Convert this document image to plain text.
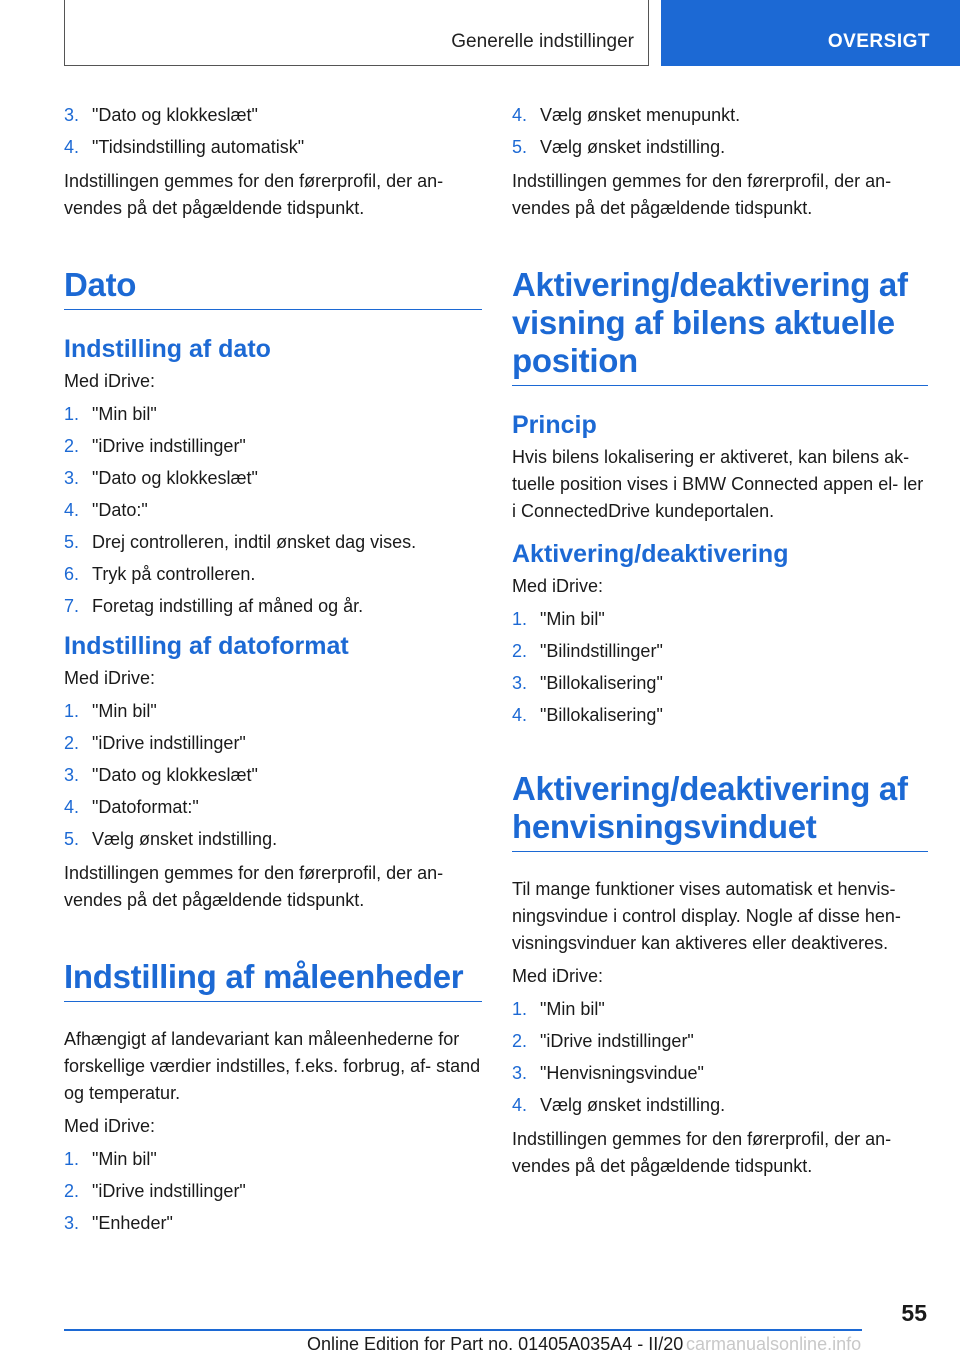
Generelle indstillinger	OVERSIGT
3. "Dato og klokkeslæt"
4. "Tidsindstilling automatisk"

Indstillingen gemmes for den førerprofil, der an- vendes på det pågældende tidspunkt.

Dato
Indstilling af dato

Med iDrive:

1. "Min bil"
2. "iDrive indstillinger"
3. "Dato og klokkeslæt"
4. "Dato:"
5. Drej controlleren, indtil ønsket dag vises.
6. Tryk på controlleren.
7. Foretag indstilling af måned og år.
Indstilling af datoformat

Med iDrive:

1. "Min bil"
2. "iDrive indstillinger"
3. "Dato og klokkeslæt"
4. "Datoformat:"
5. Vælg ønsket indstilling.

Indstillingen gemmes for den førerprofil, der an- vendes på det pågældende tidspunkt.

Indstilling af måleenheder

Afhængigt af landevariant kan måleenhederne for forskellige værdier indstilles, f.eks. forbrug, af- stand og temperatur.

Med iDrive:

1. "Min bil"
2. "iDrive indstillinger"
3. "Enheder"
4. Vælg ønsket menupunkt.
5. Vælg ønsket indstilling.

Indstillingen gemmes for den førerprofil, der an- vendes på det pågældende tidspunkt.

Aktivering/deaktivering af visning af bilens aktuelle position
Princip

Hvis bilens lokalisering er aktiveret, kan bilens ak- tuelle position vises i BMW Connected appen el- ler i ConnectedDrive kundeportalen.

Aktivering/deaktivering

Med iDrive:

1. "Min bil"
2. "Bilindstillinger"
3. "Billokalisering"
4. "Billokalisering"
Aktivering/deaktivering af henvisningsvinduet

Til mange funktioner vises automatisk et henvis- ningsvindue i control display. Nogle af disse hen- visningsvinduer kan aktiveres eller deaktiveres.

Med iDrive:

1. "Min bil"
2. "iDrive indstillinger"
3. "Henvisningsvindue"
4. Vælg ønsket indstilling.

Indstillingen gemmes for den førerprofil, der an- vendes på det pågældende tidspunkt.

55
Online Edition for Part no. 01405A035A4 - II/20 carmanualsonline.info
